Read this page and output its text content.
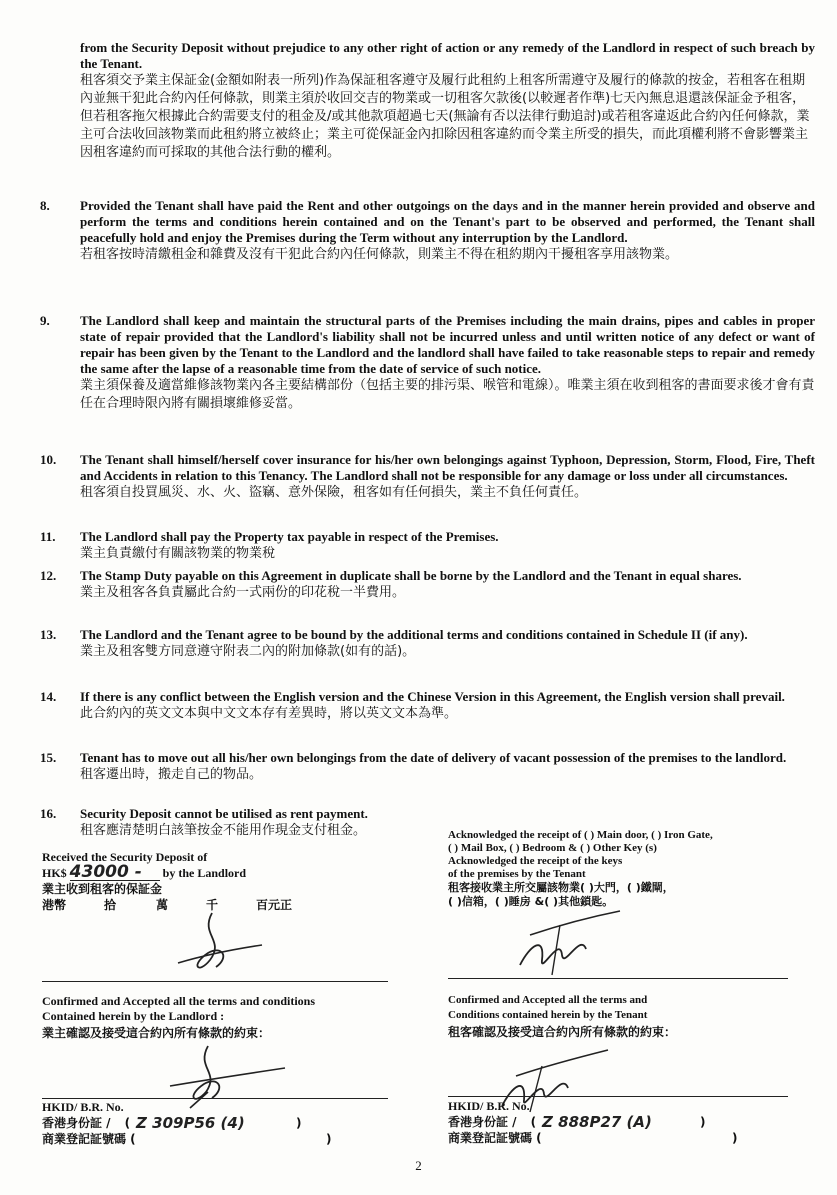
from the Security Deposit without prejudice to any other right of action or any remedy of the Landlord in respect of such breach by the Tenant.

租客須交予業主保証金(金額如附表一所列)作為保証租客遵守及履行此租約上租客所需遵守及履行的條款的按金，若租客在租期內並無干犯此合約內任何條款，則業主須於收回交吉的物業或一切租客欠款後(以較遲者作準)七天內無息退還該保証金予租客，但若租客拖欠根據此合約需要支付的租金及/或其他款項超過七天(無論有否以法律行動追討)或若租客違返此合約內任何條款，業主可合法收回該物業而此租約將立被終止；業主可從保証金內扣除因租客違約而令業主所受的損失，而此項權利將不會影響業主因租客違約而可採取的其他合法行動的權利。

8.	Provided the Tenant shall have paid the Rent and other outgoings on the days and in the manner herein provided and observe and perform the terms and conditions herein contained and on the Tenant's part to be observed and performed, the Tenant shall peacefully hold and enjoy the Premises during the Term without any interruption by the Landlord.

若租客按時清繳租金和雜費及沒有干犯此合約內任何條款，則業主不得在租約期內干擾租客享用該物業。

9.	The Landlord shall keep and maintain the structural parts of the Premises including the main drains, pipes and cables in proper state of repair provided that the Landlord's liability shall not be incurred unless and until written notice of any defect or want of repair has been given by the Tenant to the Landlord and the landlord shall have failed to take reasonable steps to repair and remedy the same after the lapse of a reasonable time from the date of service of such notice.

業主須保養及適當維修該物業內各主要結構部份（包括主要的排污渠、喉管和電線）。唯業主須在收到租客的書面要求後才會有責任在合理時限內將有關損壞維修妥當。

10.	The Tenant shall himself/herself cover insurance for his/her own belongings against Typhoon, Depression, Storm, Flood, Fire, Theft and Accidents in relation to this Tenancy. The Landlord shall not be responsible for any damage or loss under all circumstances.

租客須自投買風災、水、火、盜竊、意外保險，租客如有任何損失，業主不負任何責任。

11.	The Landlord shall pay the Property tax payable in respect of the Premises.

業主負責繳付有關該物業的物業稅

12.	The Stamp Duty payable on this Agreement in duplicate shall be borne by the Landlord and the Tenant in equal shares.

業主及租客各負責屬此合約一式兩份的印花稅一半費用。

13.	The Landlord and the Tenant agree to be bound by the additional terms and conditions contained in Schedule II (if any).

業主及租客雙方同意遵守附表二內的附加條款(如有的話)。

14.	If there is any conflict between the English version and the Chinese Version in this Agreement, the English version shall prevail.

此合約內的英文文本與中文文本存有差異時，將以英文文本為準。

15.	Tenant has to move out all his/her own belongings from the date of delivery of vacant possession of the premises to the landlord.

租客遷出時，搬走自己的物品。

16.	Security Deposit cannot be utilised as rent payment.

租客應清楚明白該筆按金不能用作現金支付租金。

Received the Security Deposit of

HK$ 43000 - by the Landlord

業主收到租客的保証金

港幣	拾	萬	千	百元正

Confirmed and Accepted all the terms and conditions

Contained herein by the Landlord :

業主確認及接受這合約內所有條款的約束：

HKID/ B.R. No.

香港身份証 / ( Z 309P56 (4)	)

商業登記証號碼 (	)

Acknowledged the receipt of ( ) Main door, ( ) Iron Gate,

( ) Mail Box, ( ) Bedroom & ( ) Other Key (s)

Acknowledged the receipt of the keys

of the premises by the Tenant

租客接收業主所交屬該物業( )大門，( )鐵閘，

( )信箱，( )睡房 &( )其他鎖匙。

Confirmed and Accepted all the terms and

Conditions contained herein by the Tenant

租客確認及接受這合約內所有條款的約束：

HKID/ B.R. No.

香港身份証 / ( Z 888P27 (A)	)

商業登記証號碼 (	)

2
